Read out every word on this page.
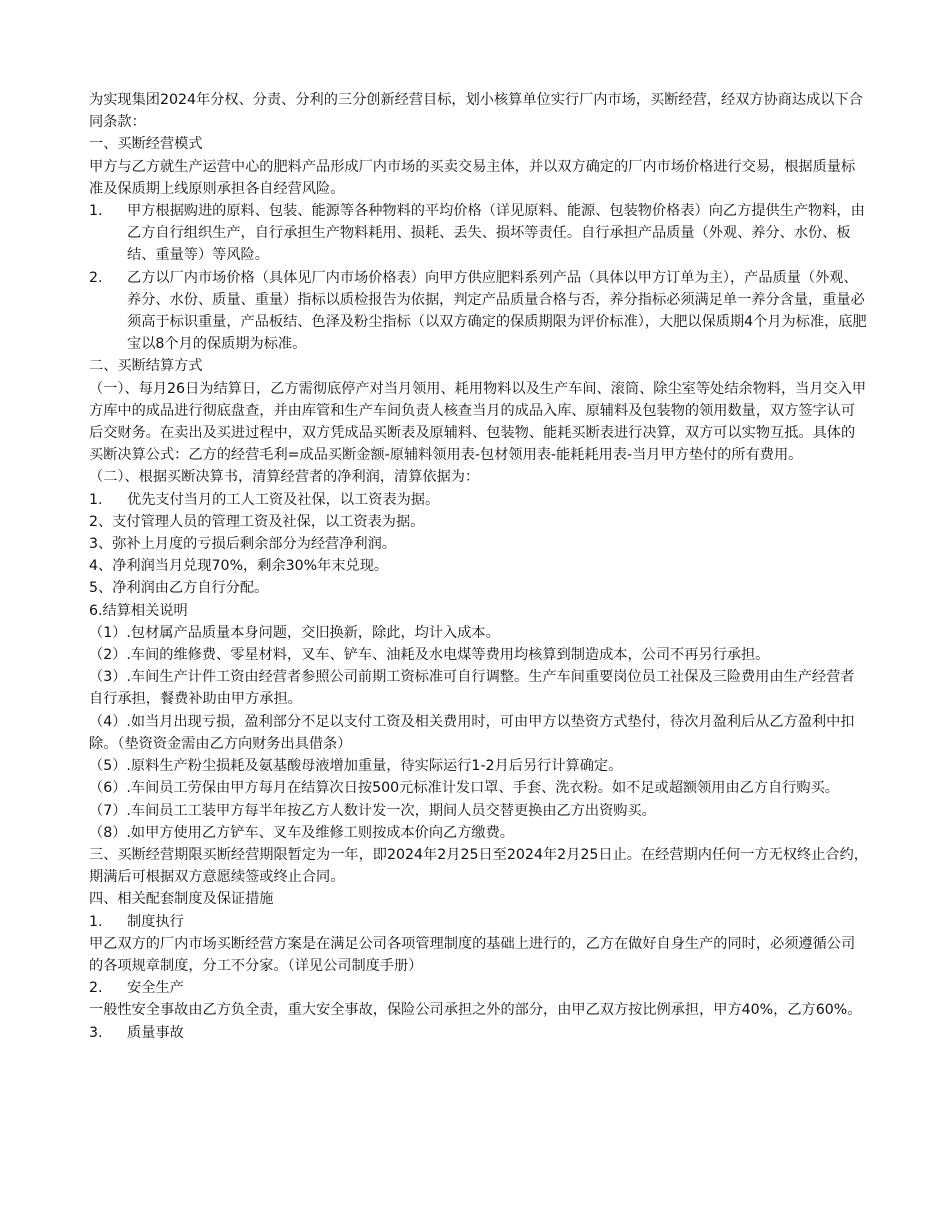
为实现集团2024年分权、分责、分利的三分创新经营目标，划小核算单位实行厂内市场，买断经营，经双方协商达成以下合同条款：

一、买断经营模式

甲方与乙方就生产运营中心的肥料产品形成厂内市场的买卖交易主体，并以双方确定的厂内市场价格进行交易，根据质量标准及保质期上线原则承担各自经营风险。

1.	甲方根据购进的原料、包装、能源等各种物料的平均价格（详见原料、能源、包装物价格表）向乙方提供生产物料，由乙方自行组织生产，自行承担生产物料耗用、损耗、丢失、损坏等责任。自行承担产品质量（外观、养分、水份、板结、重量等）等风险。
2.	乙方以厂内市场价格（具体见厂内市场价格表）向甲方供应肥料系列产品（具体以甲方订单为主），产品质量（外观、养分、水份、质量、重量）指标以质检报告为依据，判定产品质量合格与否，养分指标必须满足单一养分含量，重量必须高于标识重量，产品板结、色泽及粉尘指标（以双方确定的保质期限为评价标准），大肥以保质期4个月为标准，底肥宝以8个月的保质期为标准。

二、买断结算方式

（一）、每月26日为结算日，乙方需彻底停产对当月领用、耗用物料以及生产车间、滚筒、除尘室等处结余物料，当月交入甲方库中的成品进行彻底盘查，并由库管和生产车间负责人核查当月的成品入库、原辅料及包装物的领用数量，双方签字认可后交财务。在卖出及买进过程中，双方凭成品买断表及原辅料、包装物、能耗买断表进行决算，双方可以实物互抵。具体的买断决算公式：乙方的经营毛利=成品买断金额-原辅料领用表-包材领用表-能耗耗用表-当月甲方垫付的所有费用。

（二）、根据买断决算书，清算经营者的净利润，清算依据为：

1.	优先支付当月的工人工资及社保，以工资表为据。

2、支付管理人员的管理工资及社保，以工资表为据。

3、弥补上月度的亏损后剩余部分为经营净利润。

4、净利润当月兑现70%，剩余30%年末兑现。

5、净利润由乙方自行分配。

6.结算相关说明

（1）.包材属产品质量本身问题，交旧换新，除此，均计入成本。

（2）.车间的维修费、零星材料，叉车、铲车、油耗及水电煤等费用均核算到制造成本，公司不再另行承担。

（3）.车间生产计件工资由经营者参照公司前期工资标准可自行调整。生产车间重要岗位员工社保及三险费用由生产经营者自行承担，餐费补助由甲方承担。

（4）.如当月出现亏损，盈利部分不足以支付工资及相关费用时，可由甲方以垫资方式垫付，待次月盈利后从乙方盈利中扣除。（垫资资金需由乙方向财务出具借条）

（5）.原料生产粉尘损耗及氨基酸母液增加重量，待实际运行1-2月后另行计算确定。

（6）.车间员工劳保由甲方每月在结算次日按500元标准计发口罩、手套、洗衣粉。如不足或超额领用由乙方自行购买。

（7）.车间员工工装甲方每半年按乙方人数计发一次，期间人员交替更换由乙方出资购买。

（8）.如甲方使用乙方铲车、叉车及维修工则按成本价向乙方缴费。

三、买断经营期限买断经营期限暂定为一年，即2024年2月25日至2024年2月25日止。在经营期内任何一方无权终止合约，期满后可根据双方意愿续签或终止合同。

四、相关配套制度及保证措施

1.	制度执行

甲乙双方的厂内市场买断经营方案是在满足公司各项管理制度的基础上进行的，乙方在做好自身生产的同时，必须遵循公司的各项规章制度，分工不分家。（详见公司制度手册）

2.	安全生产

一般性安全事故由乙方负全责，重大安全事故，保险公司承担之外的部分，由甲乙双方按比例承担，甲方40%，乙方60%。

3.	质量事故
